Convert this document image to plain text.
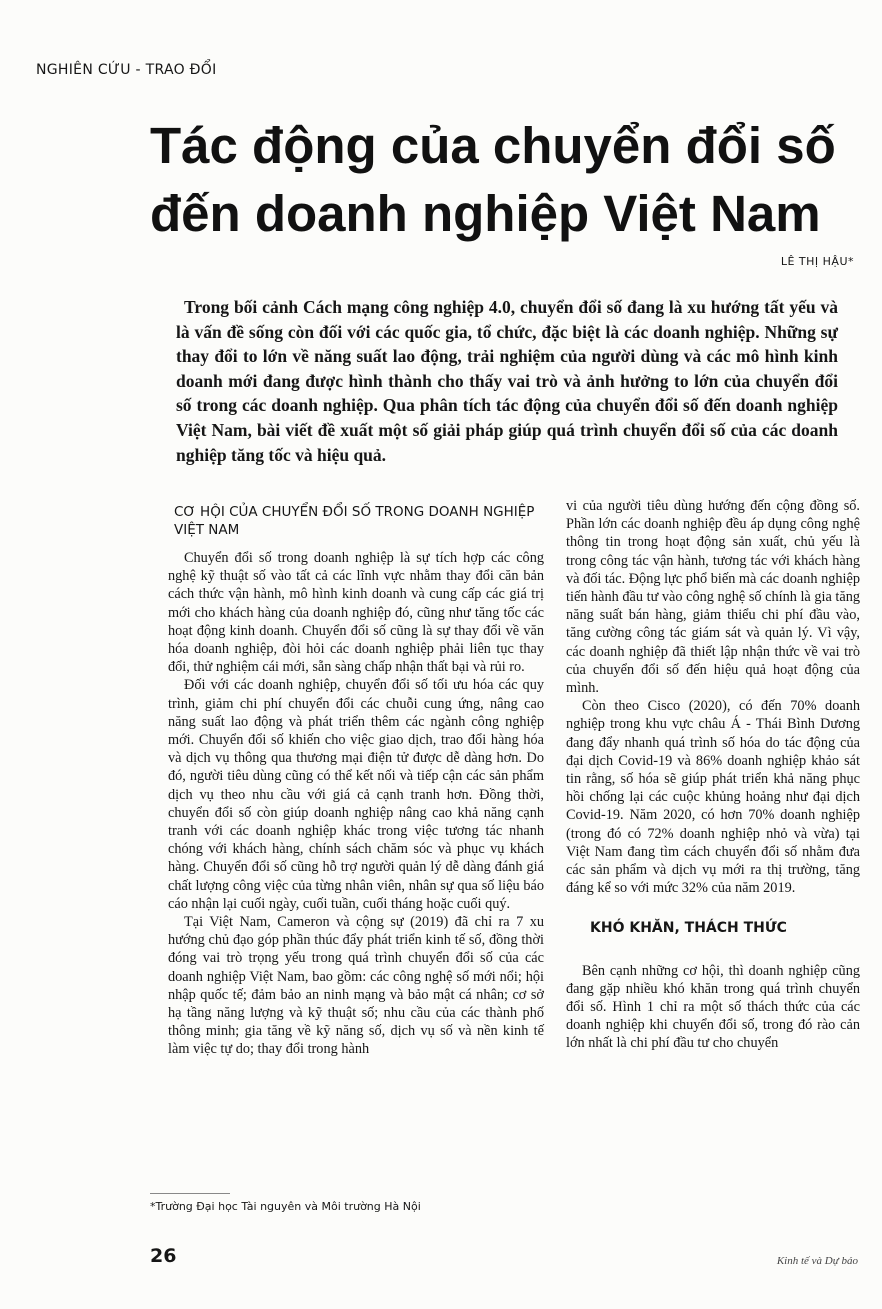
NGHIÊN CỨU - TRAO ĐỔI
Tác động của chuyển đổi số đến doanh nghiệp Việt Nam
LÊ THỊ HẬU*
Trong bối cảnh Cách mạng công nghiệp 4.0, chuyển đổi số đang là xu hướng tất yếu và là vấn đề sống còn đối với các quốc gia, tổ chức, đặc biệt là các doanh nghiệp. Những sự thay đổi to lớn về năng suất lao động, trải nghiệm của người dùng và các mô hình kinh doanh mới đang được hình thành cho thấy vai trò và ảnh hưởng to lớn của chuyển đổi số trong các doanh nghiệp. Qua phân tích tác động của chuyển đổi số đến doanh nghiệp Việt Nam, bài viết đề xuất một số giải pháp giúp quá trình chuyển đổi số của các doanh nghiệp tăng tốc và hiệu quả.
CƠ HỘI CỦA CHUYỂN ĐỔI SỐ TRONG DOANH NGHIỆP VIỆT NAM

Chuyển đổi số trong doanh nghiệp là sự tích hợp các công nghệ kỹ thuật số vào tất cả các lĩnh vực nhằm thay đổi căn bản cách thức vận hành, mô hình kinh doanh và cung cấp các giá trị mới cho khách hàng của doanh nghiệp đó, cũng như tăng tốc các hoạt động kinh doanh. Chuyển đổi số cũng là sự thay đổi về văn hóa doanh nghiệp, đòi hỏi các doanh nghiệp phải liên tục thay đổi, thử nghiệm cái mới, sẵn sàng chấp nhận thất bại và rủi ro.

Đối với các doanh nghiệp, chuyển đổi số tối ưu hóa các quy trình, giảm chi phí chuyển đổi các chuỗi cung ứng, nâng cao năng suất lao động và phát triển thêm các ngành công nghiệp mới. Chuyển đổi số khiến cho việc giao dịch, trao đổi hàng hóa và dịch vụ thông qua thương mại điện tử được dễ dàng hơn. Do đó, người tiêu dùng cũng có thể kết nối và tiếp cận các sản phẩm dịch vụ theo nhu cầu với giá cả cạnh tranh hơn. Đồng thời, chuyển đổi số còn giúp doanh nghiệp nâng cao khả năng cạnh tranh với các doanh nghiệp khác trong việc tương tác nhanh chóng với khách hàng, chính sách chăm sóc và phục vụ khách hàng. Chuyển đổi số cũng hỗ trợ người quản lý dễ dàng đánh giá chất lượng công việc của từng nhân viên, nhân sự qua số liệu báo cáo nhận lại cuối ngày, cuối tuần, cuối tháng hoặc cuối quý.

Tại Việt Nam, Cameron và cộng sự (2019) đã chỉ ra 7 xu hướng chủ đạo góp phần thúc đẩy phát triển kinh tế số, đồng thời đóng vai trò trọng yếu trong quá trình chuyển đổi số của các doanh nghiệp Việt Nam, bao gồm: các công nghệ số mới nổi; hội nhập quốc tế; đảm bảo an ninh mạng và bảo mật cá nhân; cơ sở hạ tầng năng lượng và kỹ thuật số; nhu cầu của các thành phố thông minh; gia tăng về kỹ năng số, dịch vụ số và nền kinh tế làm việc tự do; thay đổi trong hành

vi của người tiêu dùng hướng đến cộng đồng số. Phần lớn các doanh nghiệp đều áp dụng công nghệ thông tin trong hoạt động sản xuất, chủ yếu là trong công tác vận hành, tương tác với khách hàng và đối tác. Động lực phổ biến mà các doanh nghiệp tiến hành đầu tư vào công nghệ số chính là gia tăng năng suất bán hàng, giảm thiểu chi phí đầu vào, tăng cường công tác giám sát và quản lý. Vì vậy, các doanh nghiệp đã thiết lập nhận thức về vai trò của chuyển đổi số đến hiệu quả hoạt động của mình.

Còn theo Cisco (2020), có đến 70% doanh nghiệp trong khu vực châu Á - Thái Bình Dương đang đẩy nhanh quá trình số hóa do tác động của đại dịch Covid-19 và 86% doanh nghiệp khảo sát tin rằng, số hóa sẽ giúp phát triển khả năng phục hồi chống lại các cuộc khủng hoảng như đại dịch Covid-19. Năm 2020, có hơn 70% doanh nghiệp (trong đó có 72% doanh nghiệp nhỏ và vừa) tại Việt Nam đang tìm cách chuyển đổi số nhằm đưa các sản phẩm và dịch vụ mới ra thị trường, tăng đáng kể so với mức 32% của năm 2019.

KHÓ KHĂN, THÁCH THỨC

Bên cạnh những cơ hội, thì doanh nghiệp cũng đang gặp nhiều khó khăn trong quá trình chuyển đổi số. Hình 1 chỉ ra một số thách thức của các doanh nghiệp khi chuyển đổi số, trong đó rào cản lớn nhất là chi phí đầu tư cho chuyển

*Trường Đại học Tài nguyên và Môi trường Hà Nội
26	Kinh tế và Dự báo
